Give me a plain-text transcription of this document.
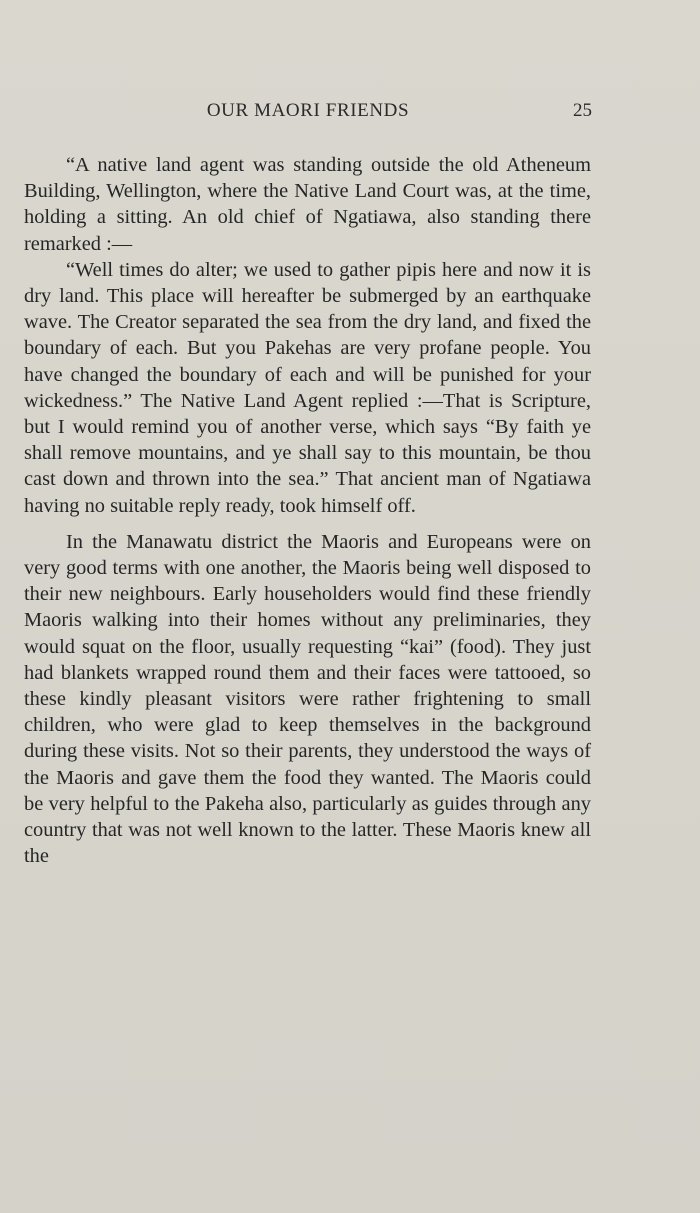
OUR MAORI FRIENDS	25

“A native land agent was standing outside the old Atheneum Building, Wellington, where the Native Land Court was, at the time, holding a sitting. An old chief of Ngatiawa, also standing there remarked :—

“Well times do alter; we used to gather pipis here and now it is dry land. This place will hereafter be submerged by an earthquake wave. The Creator separated the sea from the dry land, and fixed the boundary of each. But you Pakehas are very profane people. You have changed the boundary of each and will be punished for your wickedness.” The Native Land Agent replied :—That is Scripture, but I would remind you of another verse, which says “By faith ye shall remove mountains, and ye shall say to this mountain, be thou cast down and thrown into the sea.” That ancient man of Ngatiawa having no suitable reply ready, took himself off.

In the Manawatu district the Maoris and Europeans were on very good terms with one another, the Maoris being well disposed to their new neighbours. Early householders would find these friendly Maoris walking into their homes without any preliminaries, they would squat on the floor, usually requesting “kai” (food). They just had blankets wrapped round them and their faces were tattooed, so these kindly pleasant visitors were rather frightening to small children, who were glad to keep themselves in the background during these visits. Not so their parents, they understood the ways of the Maoris and gave them the food they wanted. The Maoris could be very helpful to the Pakeha also, particularly as guides through any country that was not well known to the latter. These Maoris knew all the
